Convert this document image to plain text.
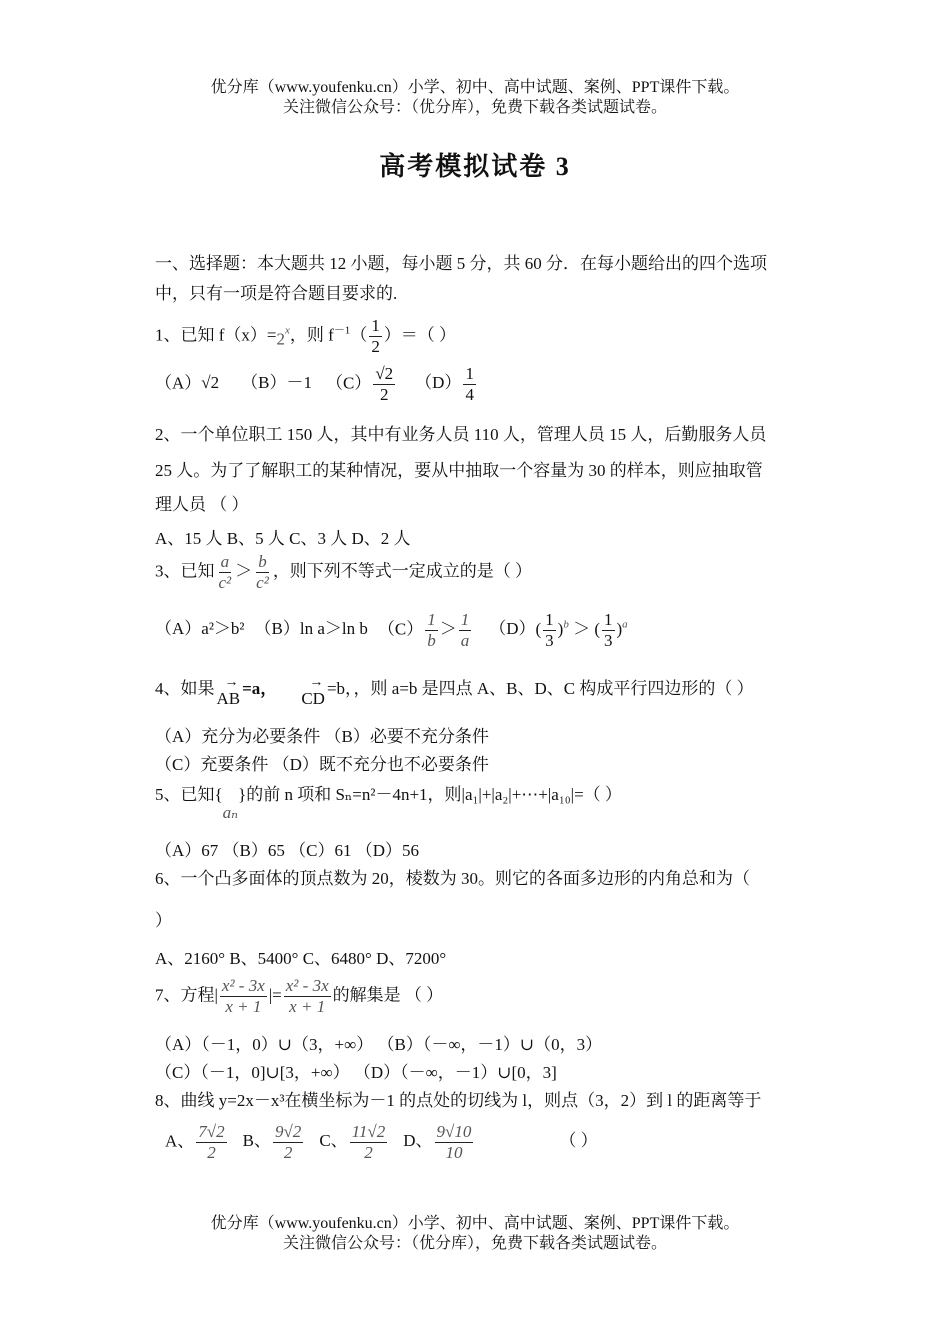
优分库（www.youfenku.cn）小学、初中、高中试题、案例、PPT课件下载。
关注微信公众号：（优分库），免费下载各类试题试卷。
高考模拟试卷 3
一、选择题：本大题共 12 小题，每小题 5 分，共 60 分．在每小题给出的四个选项
中，只有一项是符合题目要求的.
1、已知 $f(x)=2^x$，则 $f^{-1}( \frac{1}{2}$ ）＝（ ）
（A）√2 （B）－1 $(C) \frac{√2}{2} (D) \frac{1}{4}$
2、一个单位职工 150 人，其中有业务人员 110 人，管理人员 15 人，后勤服务人员
25 人。为了了解职工的某种情况，要从中抽取一个容量为 30 的样本，则应抽取管
理人员 （ ）
A、15 人 B、5 人 C、3 人 D、2 人
3、已知 $\frac{a}{\text{c²}} > \frac{b}{\text{c²}}$ ，则下列不等式一定成立的是（ ）
（A）a²＞b² （B）ln a＞ln b $(C) \frac{1}{b} > \frac{1}{a} (D)( \frac{1}{3} )^b$ ＞ ( $\frac{1}{3} )^a$
4、如果 →
AB=a， →
CD=b，，则 a=b 是四点 A、B、D、C 构成平行四边形的（ ）
（A）充分为必要条件 （B）必要不充分条件
（C）充要条件 （D）既不充分也不必要条件
5、已知{aₙ}的前 n 项和 Sₙ=n²－4n+1，则|a₁|+|a₂|+⋯+|a₁₀|=（ ）
（A）67 （B）65 （C）61 （D）56
6、一个凸多面体的顶点数为 20，棱数为 30。则它的各面多边形的内角总和为（
）
A、2160° B、5400° C、6480° D、7200°
7、方程| $\frac{\text{x² - 3x}}{x + 1}$ |= $\frac{\text{x² - 3x}}{x + 1}$ 的解集是 （ ）
（A）（－1，0）∪（3，+∞） （B）（－∞，－1）∪（0，3）
（C）（－1，0]∪[3，+∞） （D）（－∞，－1）∪[0，3]
8、曲线 y=2x－x³在横坐标为－1 的点处的切线为 l，则点（3，2）到 l 的距离等于
A、 $\frac{7√2}{2}$ B、 $\frac{9√2}{2}$ C、 $\frac{11√2}{2}$ D、 $\frac{9√10}{10}$	（ ）
优分库（www.youfenku.cn）小学、初中、高中试题、案例、PPT课件下载。
关注微信公众号：（优分库），免费下载各类试题试卷。
